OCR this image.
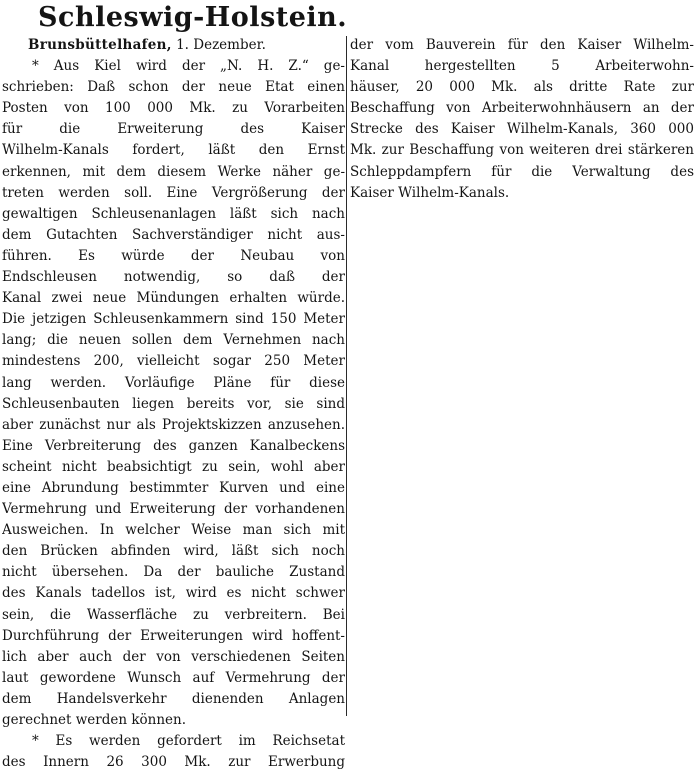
Schleswig-Holstein.
Brunsbüttelhafen, 1. Dezember.
* Aus Kiel wird der „N. H. Z.“ ge-
schrieben: Daß schon der neue Etat einen
Posten von 100 000 Mk. zu Vorarbeiten
für die Erweiterung des Kaiser
Wilhelm-Kanals fordert, läßt den Ernst
erkennen, mit dem diesem Werke näher ge-
treten werden soll. Eine Vergrößerung der
gewaltigen Schleusenanlagen läßt sich nach
dem Gutachten Sachverständiger nicht aus-
führen. Es würde der Neubau von
Endschleusen notwendig, so daß der
Kanal zwei neue Mündungen erhalten würde.
Die jetzigen Schleusenkammern sind 150 Meter
lang; die neuen sollen dem Vernehmen nach
mindestens 200, vielleicht sogar 250 Meter
lang werden. Vorläufige Pläne für diese
Schleusenbauten liegen bereits vor, sie sind
aber zunächst nur als Projektskizzen anzusehen.
Eine Verbreiterung des ganzen Kanalbeckens
scheint nicht beabsichtigt zu sein, wohl aber
eine Abrundung bestimmter Kurven und eine
Vermehrung und Erweiterung der vorhandenen
Ausweichen. In welcher Weise man sich mit
den Brücken abfinden wird, läßt sich noch
nicht übersehen. Da der bauliche Zustand
des Kanals tadellos ist, wird es nicht schwer
sein, die Wasserfläche zu verbreitern. Bei
Durchführung der Erweiterungen wird hoffent-
lich aber auch der von verschiedenen Seiten
laut gewordene Wunsch auf Vermehrung der
dem Handelsverkehr dienenden Anlagen
gerechnet werden können.
* Es werden gefordert im Reichsetat
des Innern 26 300 Mk. zur Erwerbung
der vom Bauverein für den Kaiser Wilhelm-
Kanal hergestellten 5 Arbeiterwohn-
häuser, 20 000 Mk. als dritte Rate zur
Beschaffung von Arbeiterwohnhäusern an der
Strecke des Kaiser Wilhelm-Kanals, 360 000
Mk. zur Beschaffung von weiteren drei stärkeren
Schleppdampfern für die Verwaltung des
Kaiser Wilhelm-Kanals.
